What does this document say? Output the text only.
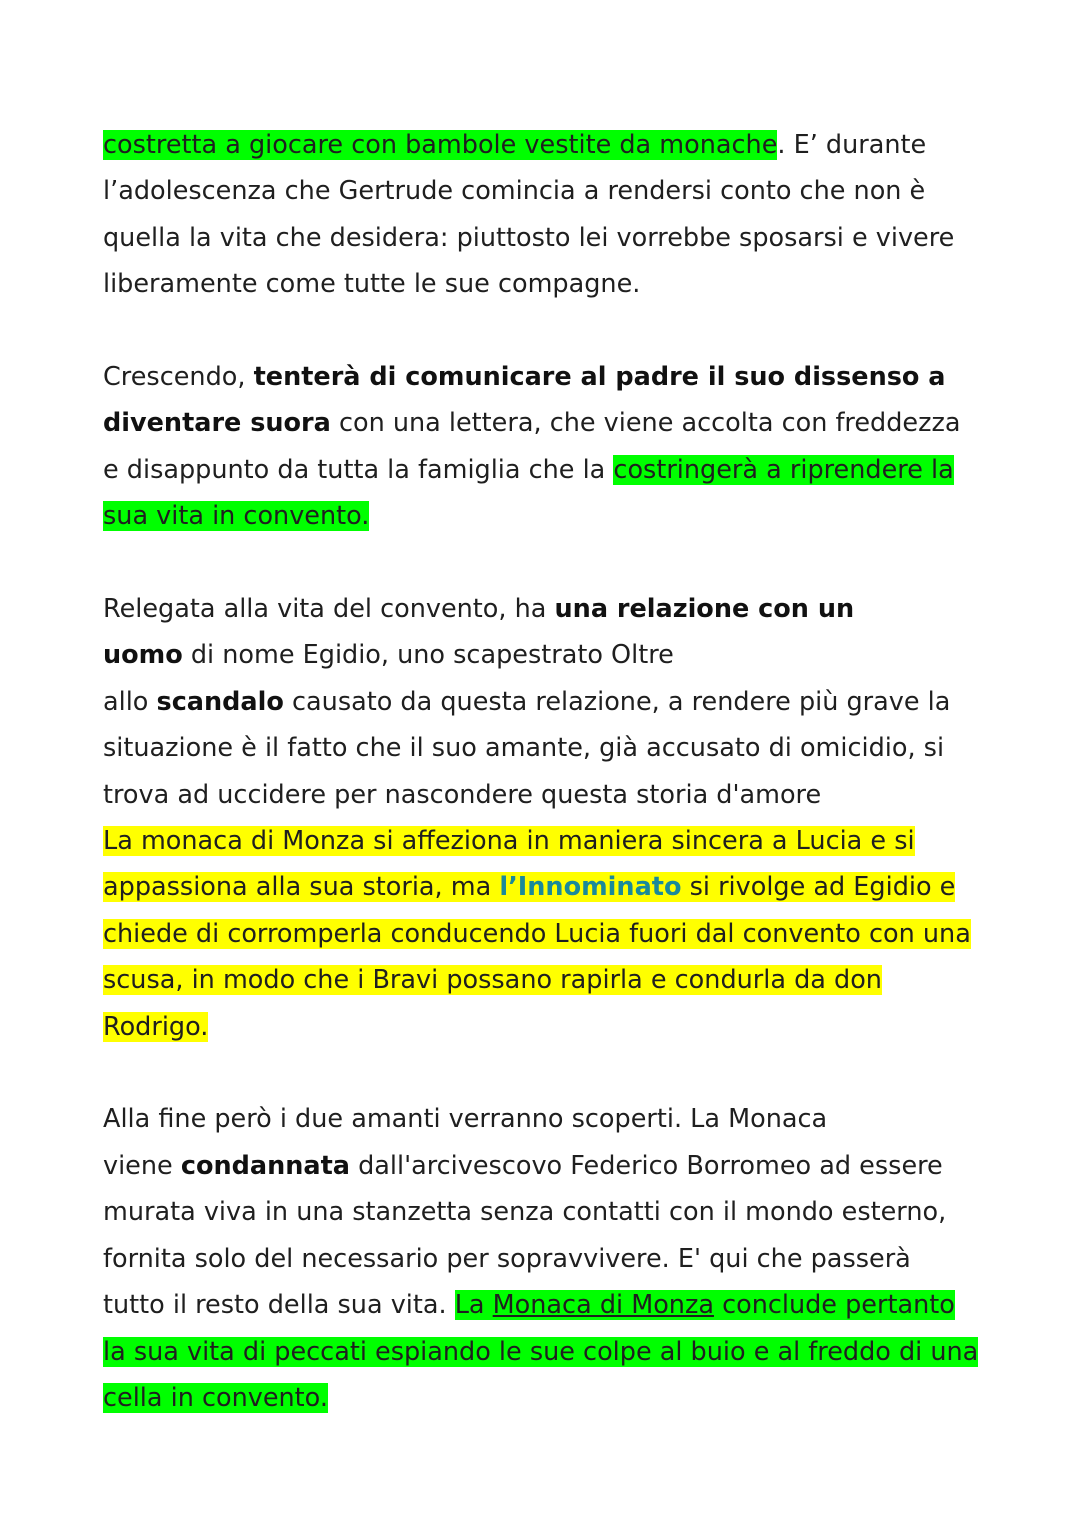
costretta a giocare con bambole vestite da monache. E’ durante
l’adolescenza che Gertrude comincia a rendersi conto che non è
quella la vita che desidera: piuttosto lei vorrebbe sposarsi e vivere
liberamente come tutte le sue compagne.
Crescendo, tenterà di comunicare al padre il suo dissenso a
diventare suora con una lettera, che viene accolta con freddezza
e disappunto da tutta la famiglia che la costringerà a riprendere la
sua vita in convento.
Relegata alla vita del convento, ha una relazione con un
uomo di nome Egidio, uno scapestrato Oltre
allo scandalo causato da questa relazione, a rendere più grave la
situazione è il fatto che il suo amante, già accusato di omicidio, si
trova ad uccidere per nascondere questa storia d'amore
La monaca di Monza si affeziona in maniera sincera a Lucia e si
appassiona alla sua storia, ma l’Innominato si rivolge ad Egidio e
chiede di corromperla conducendo Lucia fuori dal convento con una
scusa, in modo che i Bravi possano rapirla e condurla da don
Rodrigo.
Alla fine però i due amanti verranno scoperti. La Monaca
viene condannata dall'arcivescovo Federico Borromeo ad essere
murata viva in una stanzetta senza contatti con il mondo esterno,
fornita solo del necessario per sopravvivere. E' qui che passerà
tutto il resto della sua vita. La Monaca di Monza conclude pertanto
la sua vita di peccati espiando le sue colpe al buio e al freddo di una
cella in convento.
